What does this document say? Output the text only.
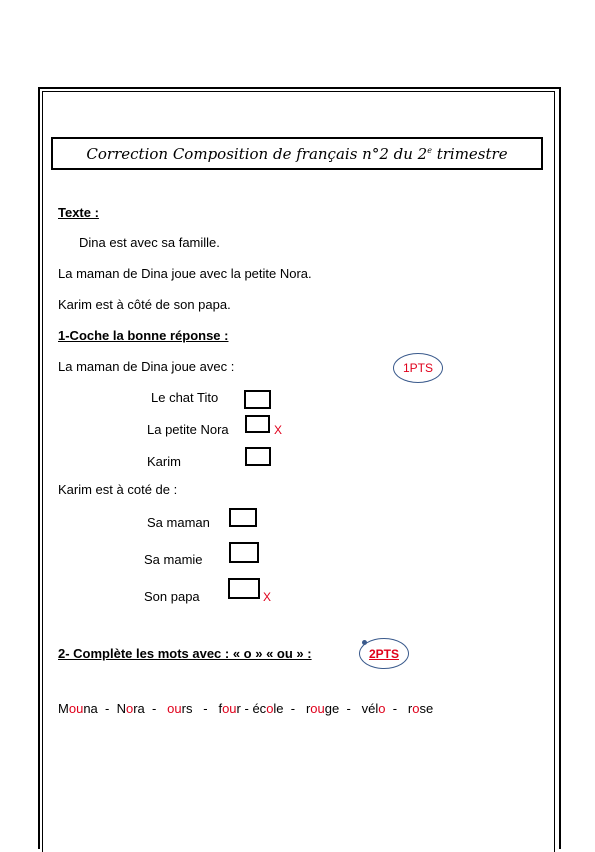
Correction Composition de français n°2 du 2e trimestre
Texte :
Dina est avec sa famille.
La maman de Dina joue avec la petite Nora.
Karim est à côté de son papa.
1-Coche la bonne réponse :
La maman de Dina joue avec :	1PTS
Le chat Tito
La petite Nora	X
Karim
Karim est à coté de :
Sa maman
Sa mamie
Son papa	X
2- Complète les mots avec : « o » « ou » :	2PTS
Mouna  -  Nora  -   ours   -   four - école  -   rouge  -   vélo  -   rose
